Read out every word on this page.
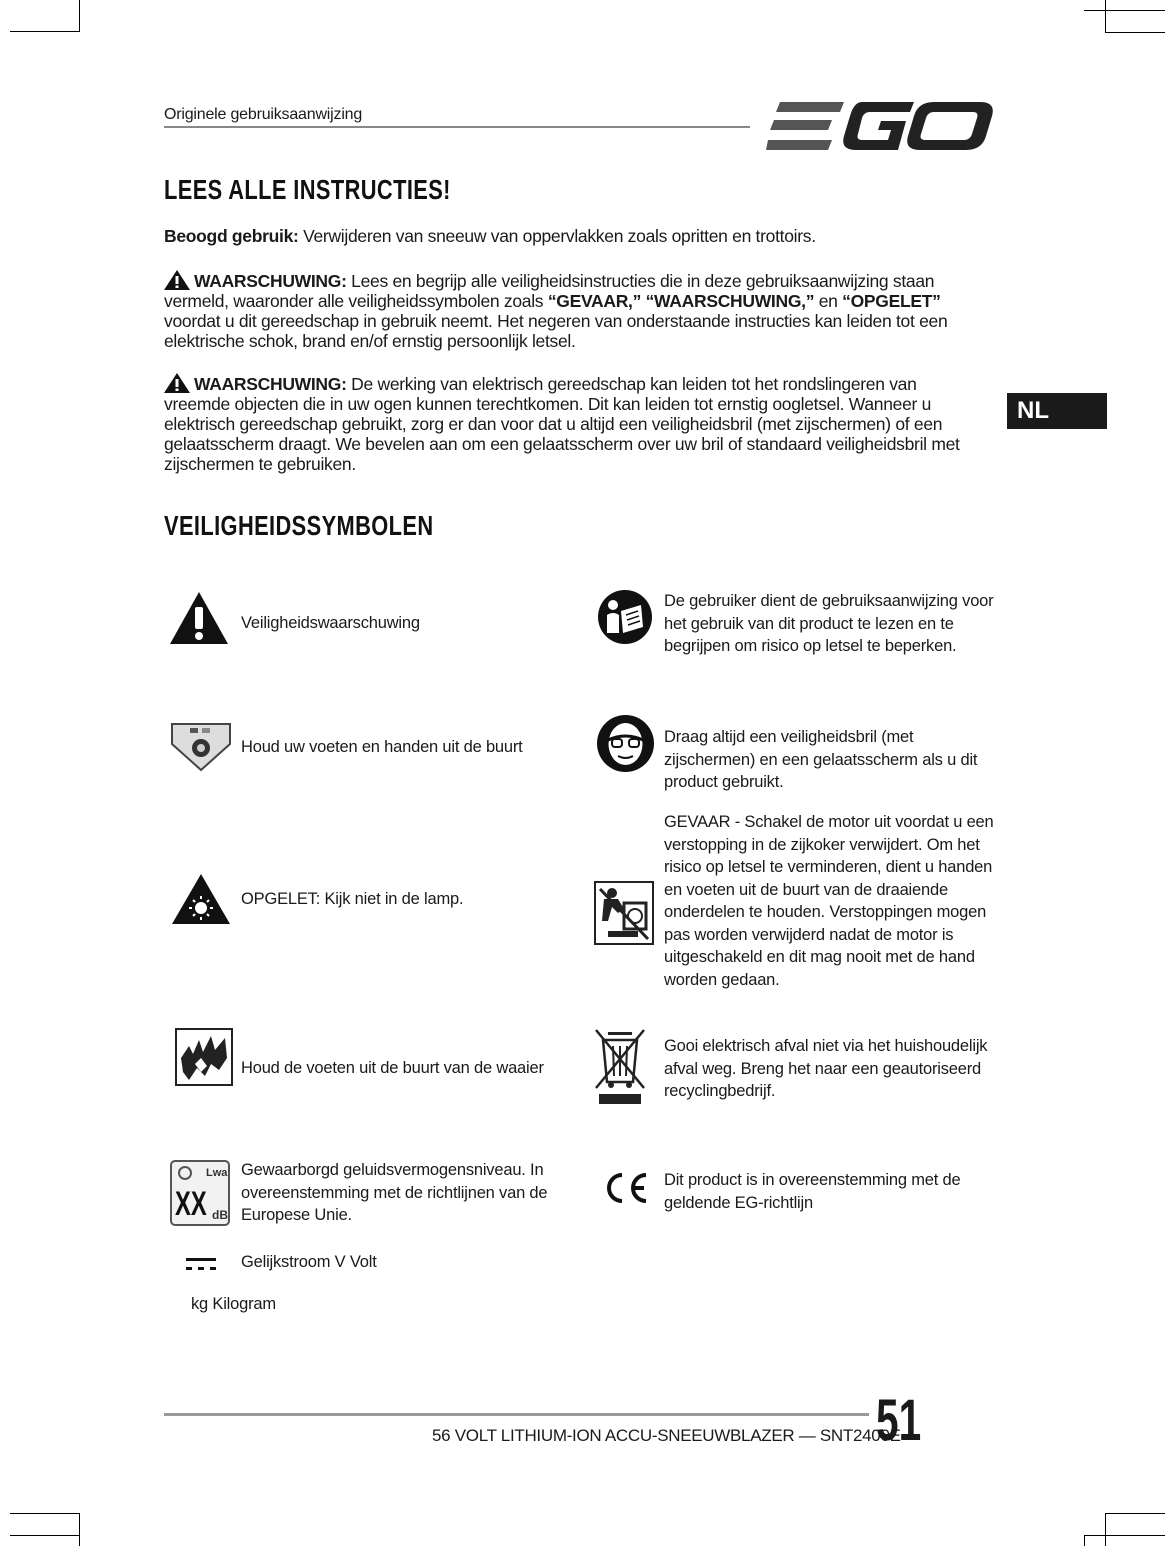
Originele gebruiksaanwijzing
LEES ALLE INSTRUCTIES!
Beoogd gebruik: Verwijderen van sneeuw van oppervlakken zoals opritten en trottoirs.
WAARSCHUWING: Lees en begrijp alle veiligheidsinstructies die in deze gebruiksaanwijzing staan vermeld, waaronder alle veiligheidssymbolen zoals “GEVAAR,” “WAARSCHUWING,” en “OPGELET” voordat u dit gereedschap in gebruik neemt. Het negeren van onderstaande instructies kan leiden tot een elektrische schok, brand en/of ernstig persoonlijk letsel.
WAARSCHUWING: De werking van elektrisch gereedschap kan leiden tot het rondslingeren van vreemde objecten die in uw ogen kunnen terechtkomen. Dit kan leiden tot ernstig oogletsel. Wanneer u elektrisch gereedschap gebruikt, zorg er dan voor dat u altijd een veiligheidsbril (met zijschermen) of een gelaatsscherm draagt. We bevelen aan om een gelaatsscherm over uw bril of standaard veiligheidsbril met zijschermen te gebruiken.
NL
VEILIGHEIDSSYMBOLEN
Veiligheidswaarschuwing
Houd uw voeten en handen uit de buurt
OPGELET: Kijk niet in de lamp.
Houd de voeten uit de buurt van de waaier
Lwa
XX dB
Gewaarborgd geluidsvermogensniveau. In overeenstemming met de richtlijnen van de Europese Unie.
Gelijkstroom V Volt
kg Kilogram
De gebruiker dient de gebruiksaanwijzing voor het gebruik van dit product te lezen en te begrijpen om risico op letsel te beperken.
Draag altijd een veiligheidsbril (met zijschermen) en een gelaatsscherm als u dit product gebruikt.
GEVAAR - Schakel de motor uit voordat u een verstopping in de zijkoker verwijdert. Om het risico op letsel te verminderen, dient u handen en voeten uit de buurt van de draaiende onderdelen te houden. Verstoppingen mogen pas worden verwijderd nadat de motor is uitgeschakeld en dit mag nooit met de hand worden gedaan.
Gooi elektrisch afval niet via het huishoudelijk afval weg. Breng het naar een geautoriseerd recyclingbedrijf.
Dit product is in overeenstemming met de geldende EG-richtlijn
56 VOLT LITHIUM-ION ACCU-SNEEUWBLAZER — SNT2400E
51
